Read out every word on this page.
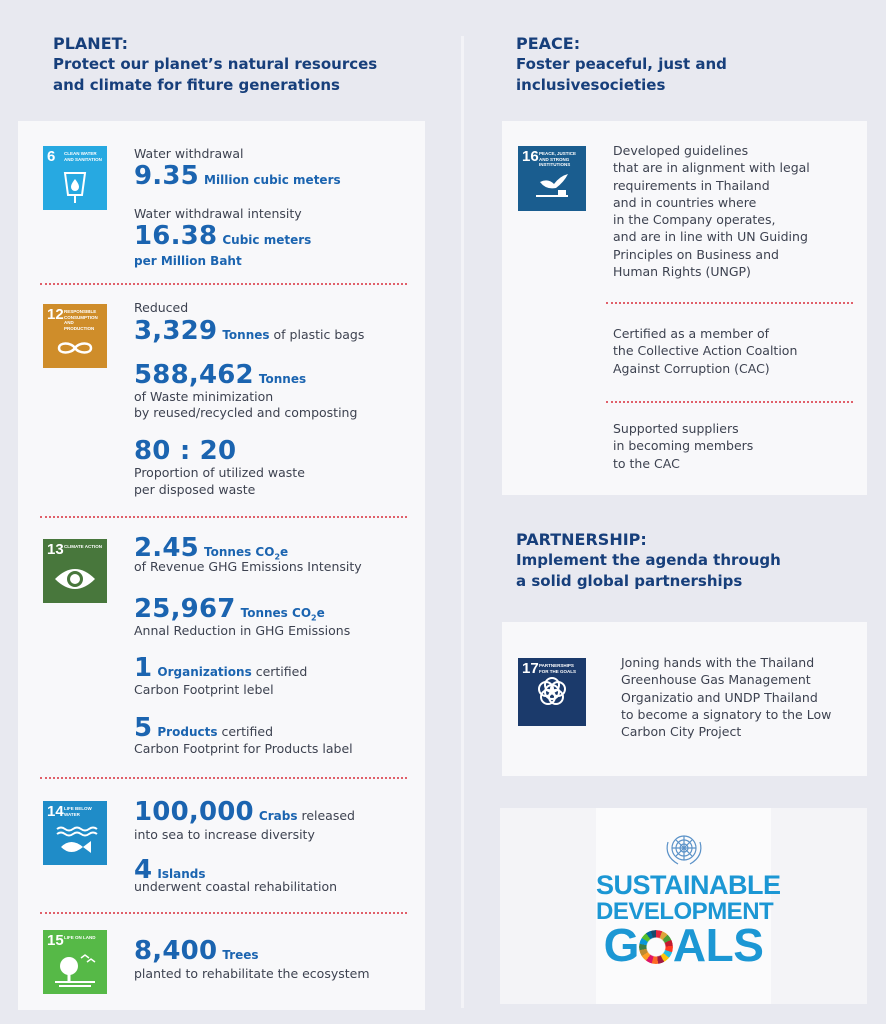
PLANET:
Protect our planet’s natural resources
and climate for fiture generations
6 CLEAN WATER AND SANITATION	Water withdrawal
9.35 Million cubic meters
Water withdrawal intensity
16.38 Cubic meters
per Million Baht
12 RESPONSIBLE CONSUMPTION AND PRODUCTION
Reduced
3,329 Tonnes of plastic bags
588,462 Tonnes
of Waste minimization
by reused/recycled and composting
80 : 20
Proportion of utilized waste
per disposed waste
13 CLIMATE ACTION 2.45 Tonnes $CO_2e$
of Revenue GHG Emissions Intensity
25,967 Tonnes $CO_2e$
Annal Reduction in GHG Emissions
1 Organizations certified
Carbon Footprint lebel
5 Products certified
Carbon Footprint for Products label
14 LIFE BELOW WATER	100,000 Crabs released
into sea to increase diversity
4 Islands
underwent coastal rehabilitation
15 LIFE ON LAND	8,400 Trees
planted to rehabilitate the ecosystem
PEACE:
Foster peaceful, just and
inclusivesocieties
16 PEACE, JUSTICE AND STRONG INSTITUTIONS
Developed guidelines
that are in alignment with legal
requirements in Thailand
and in countries where
in the Company operates,
and are in line with UN Guiding
Principles on Business and
Human Rights (UNGP)
Certified as a member of
the Collective Action Coaltion
Against Corruption (CAC)
Supported suppliers
in becoming members
to the CAC
PARTNERSHIP:
Implement the agenda through
a solid global partnerships
17 PARTNERSHIPS FOR THE GOALS
Joning hands with the Thailand
Greenhouse Gas Management
Organizatio and UNDP Thailand
to become a signatory to the Low
Carbon City Project
SUSTAINABLE
DEVELOPMENT
G ALS
